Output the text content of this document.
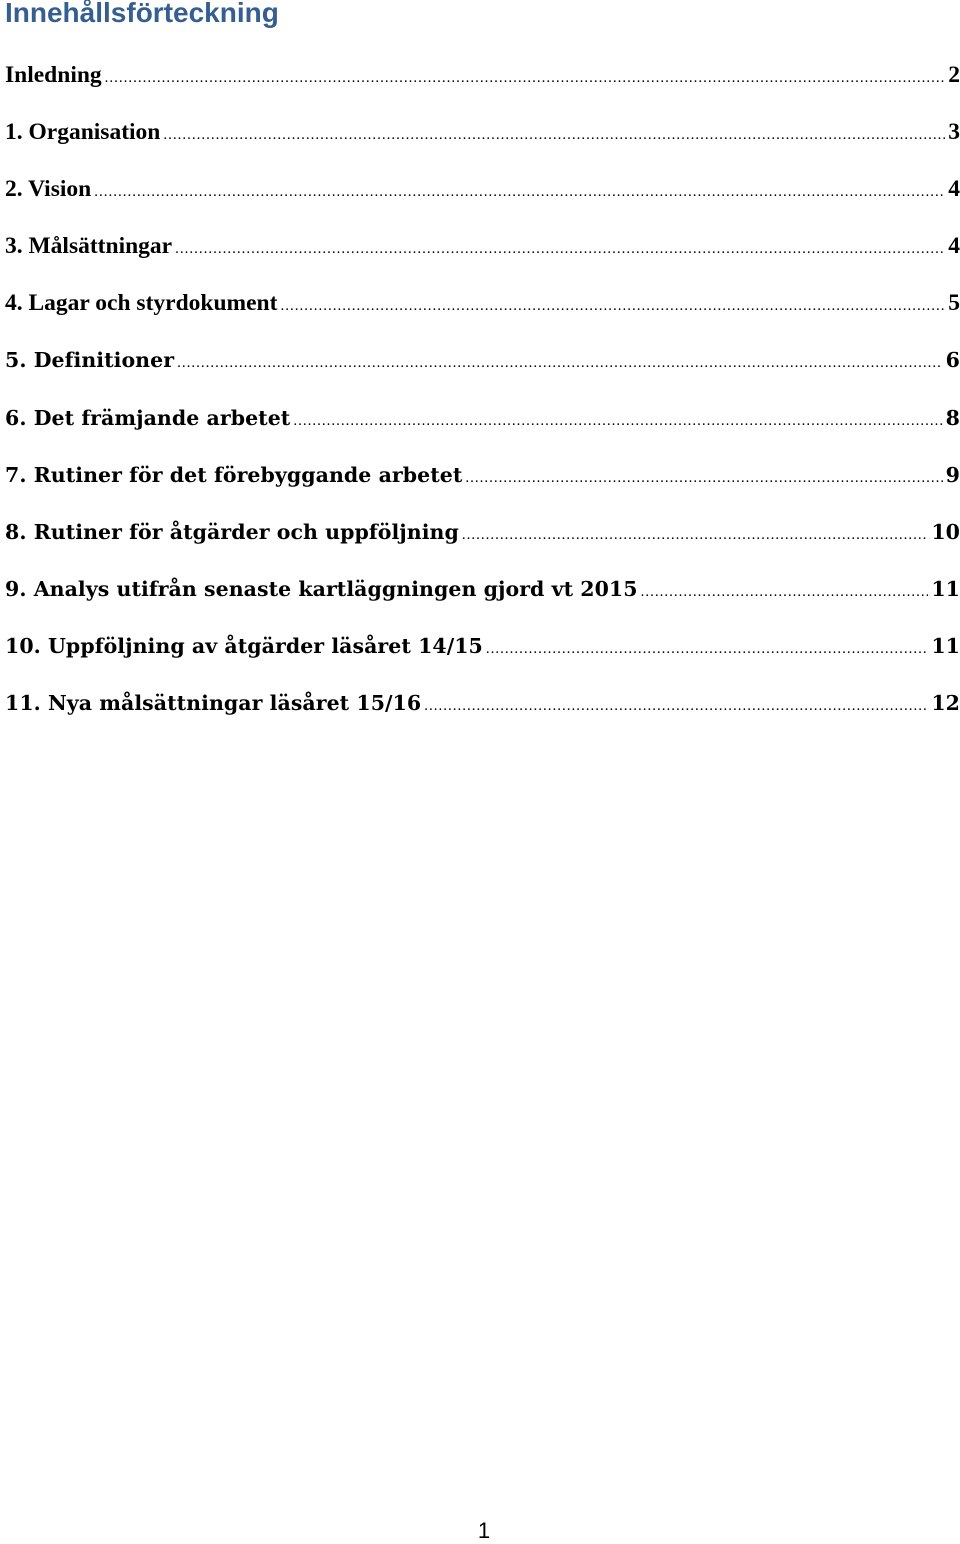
Innehållsförteckning
Inledning .....	2
1. Organisation .....	3
2. Vision .....	4
3. Målsättningar .....	4
4. Lagar och styrdokument .....	5
5. Definitioner .....	6
6. Det främjande arbetet .....	8
7. Rutiner för det förebyggande arbetet .....	9
8. Rutiner för åtgärder och uppföljning .....	10
9. Analys utifrån senaste kartläggningen gjord vt 2015 .....	11
10. Uppföljning av åtgärder läsåret 14/15 .....	11
11. Nya målsättningar läsåret 15/16 .....	12
1
